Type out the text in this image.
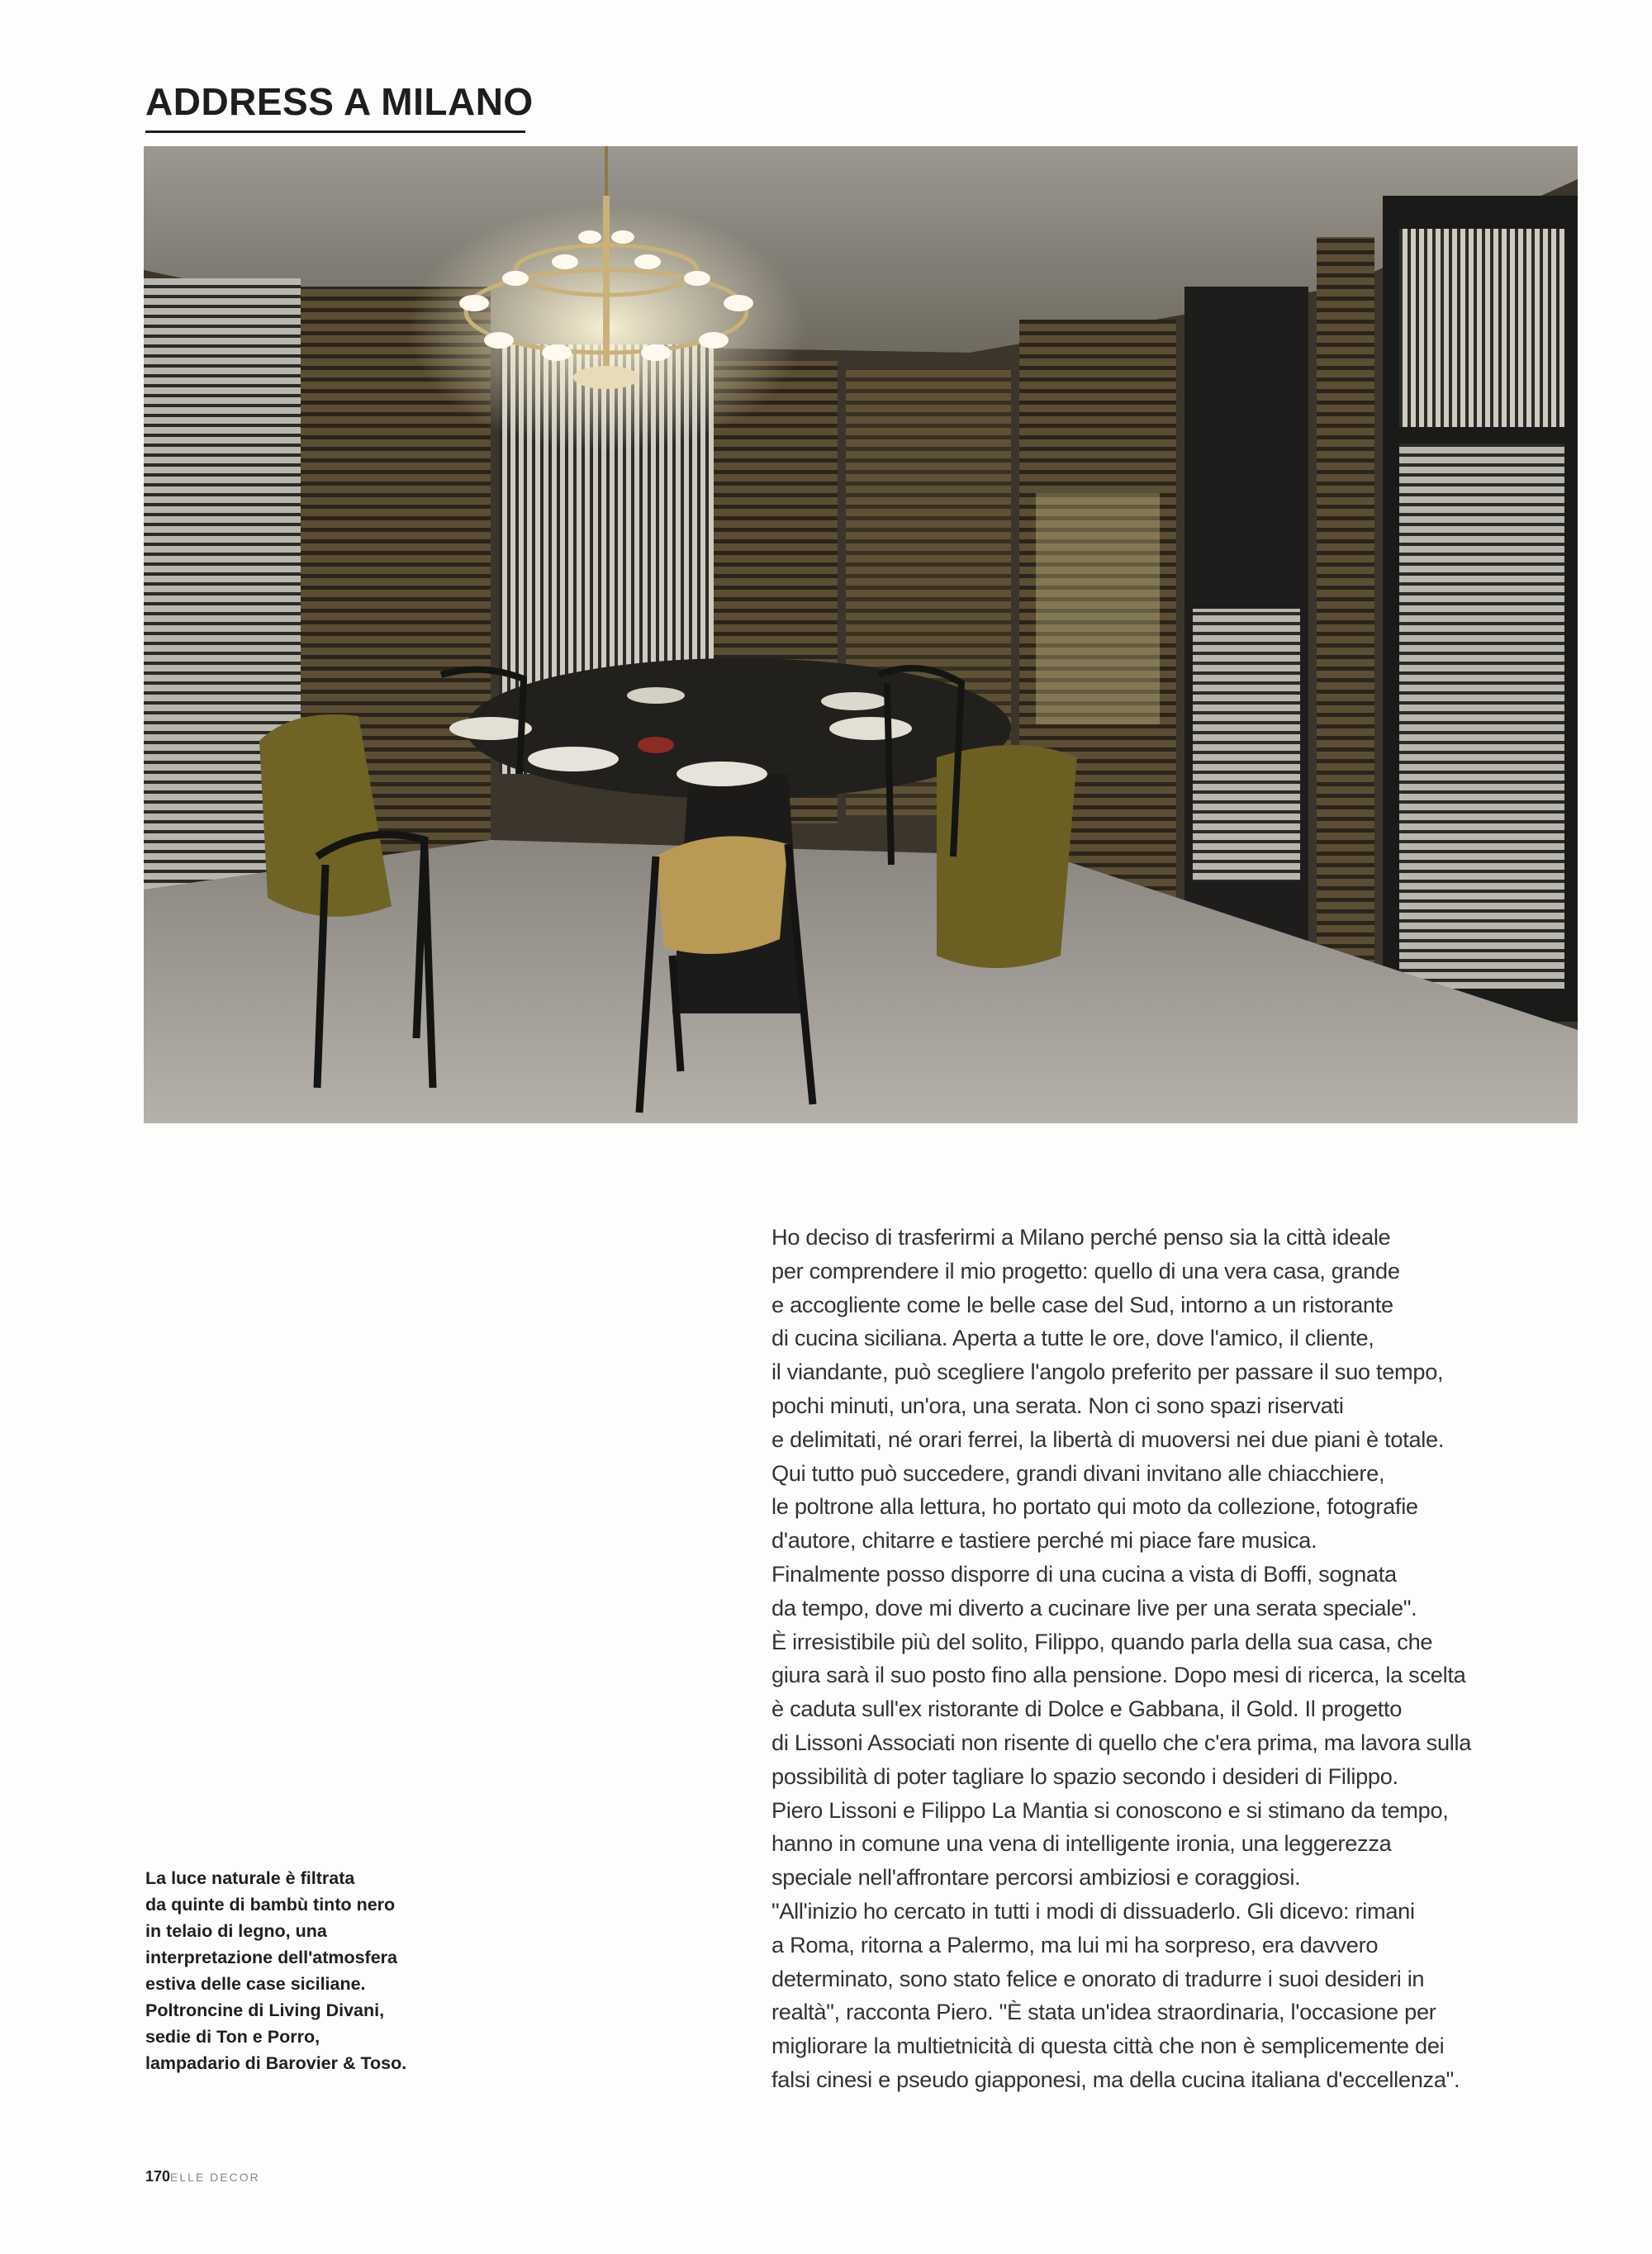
ADDRESS A MILANO

Ho deciso di trasferirmi a Milano perché penso sia la città ideale

per comprendere il mio progetto: quello di una vera casa, grande

e accogliente come le belle case del Sud, intorno a un ristorante

di cucina siciliana. Aperta a tutte le ore, dove l'amico, il cliente,

il viandante, può scegliere l'angolo preferito per passare il suo tempo,

pochi minuti, un'ora, una serata. Non ci sono spazi riservati

e delimitati, né orari ferrei, la libertà di muoversi nei due piani è totale.

Qui tutto può succedere, grandi divani invitano alle chiacchiere,

le poltrone alla lettura, ho portato qui moto da collezione, fotografie

d'autore, chitarre e tastiere perché mi piace fare musica.

Finalmente posso disporre di una cucina a vista di Boffi, sognata

da tempo, dove mi diverto a cucinare live per una serata speciale".

È irresistibile più del solito, Filippo, quando parla della sua casa, che

giura sarà il suo posto fino alla pensione. Dopo mesi di ricerca, la scelta

è caduta sull'ex ristorante di Dolce e Gabbana, il Gold. Il progetto

di Lissoni Associati non risente di quello che c'era prima, ma lavora sulla

possibilità di poter tagliare lo spazio secondo i desideri di Filippo.

Piero Lissoni e Filippo La Mantia si conoscono e si stimano da tempo,

hanno in comune una vena di intelligente ironia, una leggerezza

speciale nell'affrontare percorsi ambiziosi e coraggiosi.

"All'inizio ho cercato in tutti i modi di dissuaderlo. Gli dicevo: rimani

a Roma, ritorna a Palermo, ma lui mi ha sorpreso, era davvero

determinato, sono stato felice e onorato di tradurre i suoi desideri in

realtà", racconta Piero. "È stata un'idea straordinaria, l'occasione per

migliorare la multietnicità di questa città che non è semplicemente dei

falsi cinesi e pseudo giapponesi, ma della cucina italiana d'eccellenza".

La luce naturale è filtrata
da quinte di bambù tinto nero
in telaio di legno, una
interpretazione dell'atmosfera
estiva delle case siciliane.
Poltroncine di Living Divani,
sedie di Ton e Porro,
lampadario di Barovier & Toso.
170ELLE DECOR
